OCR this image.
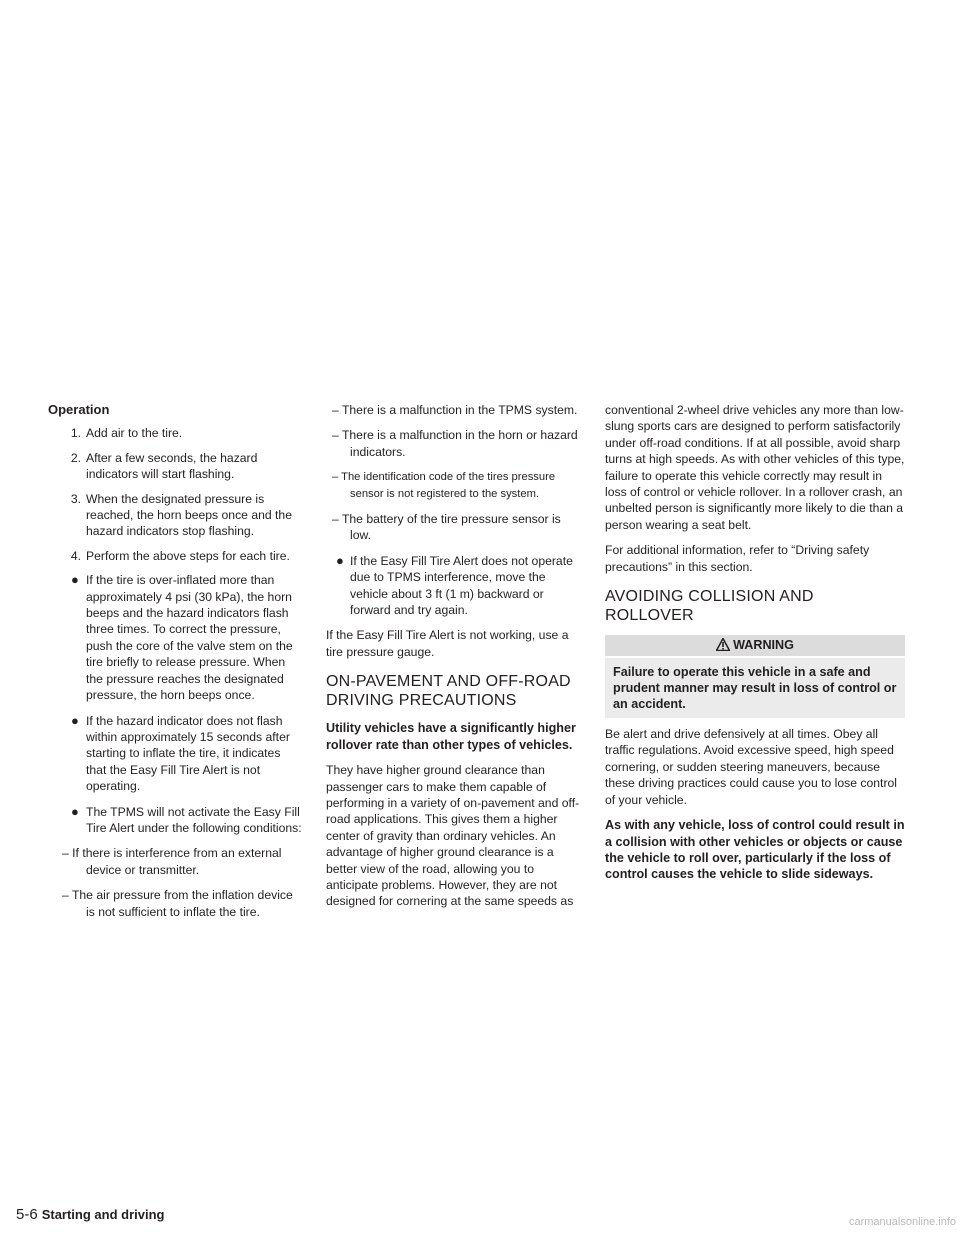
Operation
1. Add air to the tire.
2. After a few seconds, the hazard indicators will start flashing.
3. When the designated pressure is reached, the horn beeps once and the hazard indicators stop flashing.
4. Perform the above steps for each tire.
● If the tire is over-inflated more than approximately 4 psi (30 kPa), the horn beeps and the hazard indicators flash three times. To correct the pressure, push the core of the valve stem on the tire briefly to release pressure. When the pressure reaches the designated pressure, the horn beeps once.
● If the hazard indicator does not flash within approximately 15 seconds after starting to inflate the tire, it indicates that the Easy Fill Tire Alert is not operating.
● The TPMS will not activate the Easy Fill Tire Alert under the following conditions:
– If there is interference from an external device or transmitter.
– The air pressure from the inflation device is not sufficient to inflate the tire.
– There is a malfunction in the TPMS system.
– There is a malfunction in the horn or hazard indicators.
– The identification code of the tires pressure sensor is not registered to the system.
– The battery of the tire pressure sensor is low.
● If the Easy Fill Tire Alert does not operate due to TPMS interference, move the vehicle about 3 ft (1 m) backward or forward and try again.

If the Easy Fill Tire Alert is not working, use a tire pressure gauge.

ON-PAVEMENT AND OFF-ROAD
DRIVING PRECAUTIONS

Utility vehicles have a significantly higher rollover rate than other types of vehicles.

They have higher ground clearance than passenger cars to make them capable of performing in a variety of on-pavement and off-road applications. This gives them a higher center of gravity than ordinary vehicles. An advantage of higher ground clearance is a better view of the road, allowing you to anticipate problems. However, they are not designed for cornering at the same speeds as

conventional 2-wheel drive vehicles any more than low-slung sports cars are designed to perform satisfactorily under off-road conditions. If at all possible, avoid sharp turns at high speeds. As with other vehicles of this type, failure to operate this vehicle correctly may result in loss of control or vehicle rollover. In a rollover crash, an unbelted person is significantly more likely to die than a person wearing a seat belt.

For additional information, refer to “Driving safety precautions” in this section.

AVOIDING COLLISION AND
ROLLOVER
WARNING
Failure to operate this vehicle in a safe and prudent manner may result in loss of control or an accident.

Be alert and drive defensively at all times. Obey all traffic regulations. Avoid excessive speed, high speed cornering, or sudden steering maneuvers, because these driving practices could cause you to lose control of your vehicle.

As with any vehicle, loss of control could result in a collision with other vehicles or objects or cause the vehicle to roll over, particularly if the loss of control causes the vehicle to slide sideways.

5-6 Starting and driving	carmanualsonline.info
